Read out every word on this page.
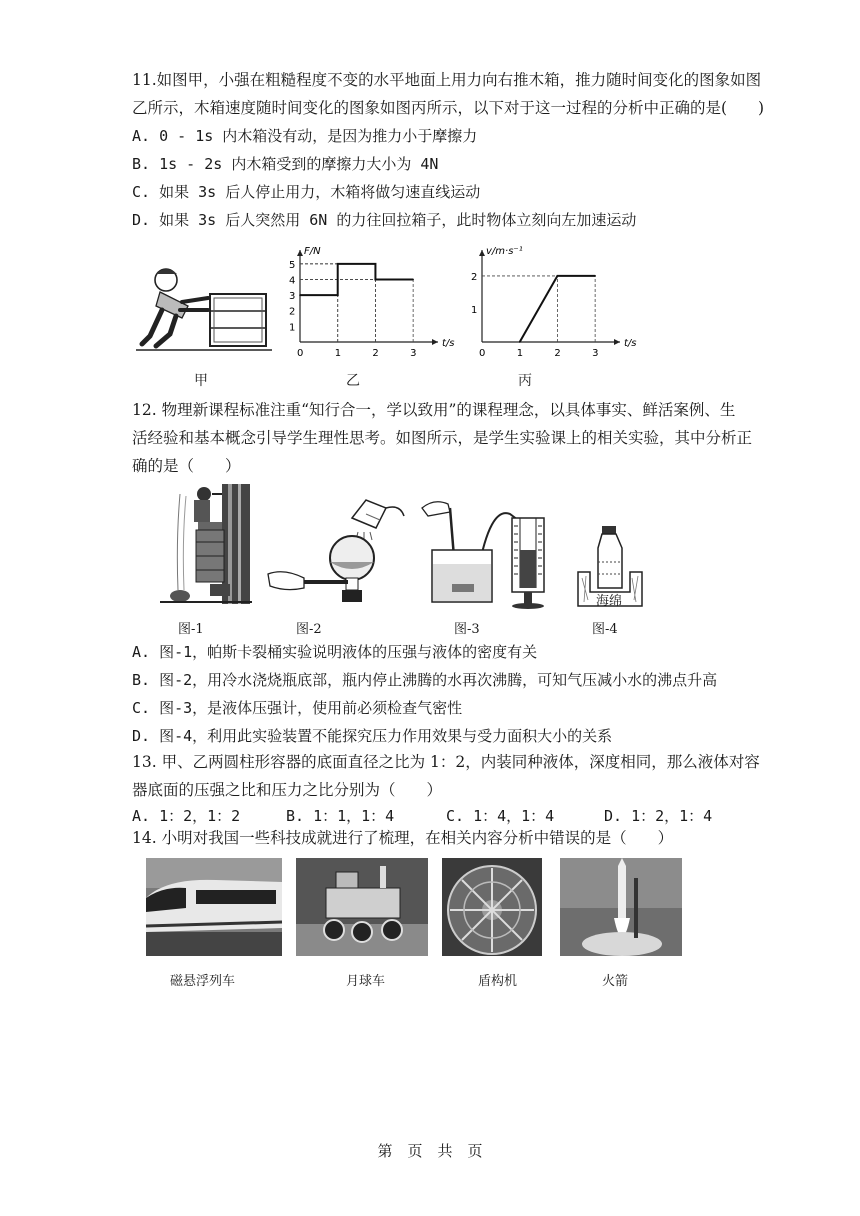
11.如图甲，小强在粗糙程度不变的水平地面上用力向右推木箱，推力随时间变化的图象如图
乙所示，木箱速度随时间变化的图象如图丙所示，以下对于这一过程的分析中正确的是(　　)
A. 0 - 1s 内木箱没有动，是因为推力小于摩擦力
B. 1s - 2s 内木箱受到的摩擦力大小为 4N
C. 如果 3s 后人停止用力，木箱将做匀速直线运动
D. 如果 3s 后人突然用 6N 的力往回拉箱子，此时物体立刻向左加速运动
甲
t/s
F/N
0	1	2	3
1
2
3
4
5
乙
t/s
v/m·s⁻¹
0	1	2	3
1
2
丙
12. 物理新课程标准注重“知行合一，学以致用”的课程理念，以具体事实、鲜活案例、生
活经验和基本概念引导学生理性思考。如图所示，是学生实验课上的相关实验，其中分析正
确的是（　　）
图-1	图-2	图-3
海绵
图-4
A. 图-1，帕斯卡裂桶实验说明液体的压强与液体的密度有关
B. 图-2，用冷水浇烧瓶底部，瓶内停止沸腾的水再次沸腾，可知气压减小水的沸点升高
C. 图-3，是液体压强计，使用前必须检查气密性
D. 图-4，利用此实验装置不能探究压力作用效果与受力面积大小的关系
13. 甲、乙两圆柱形容器的底面直径之比为 1：2，内装同种液体，深度相同，那么液体对容
器底面的压强之比和压力之比分别为（　　）
A. 1：2，1：2	B. 1：1，1：4	C. 1：4，1：4	D. 1：2，1：4
14. 小明对我国一些科技成就进行了梳理，在相关内容分析中错误的是（　　）
磁悬浮列车	月球车	盾构机	火箭
第　页　共　页
